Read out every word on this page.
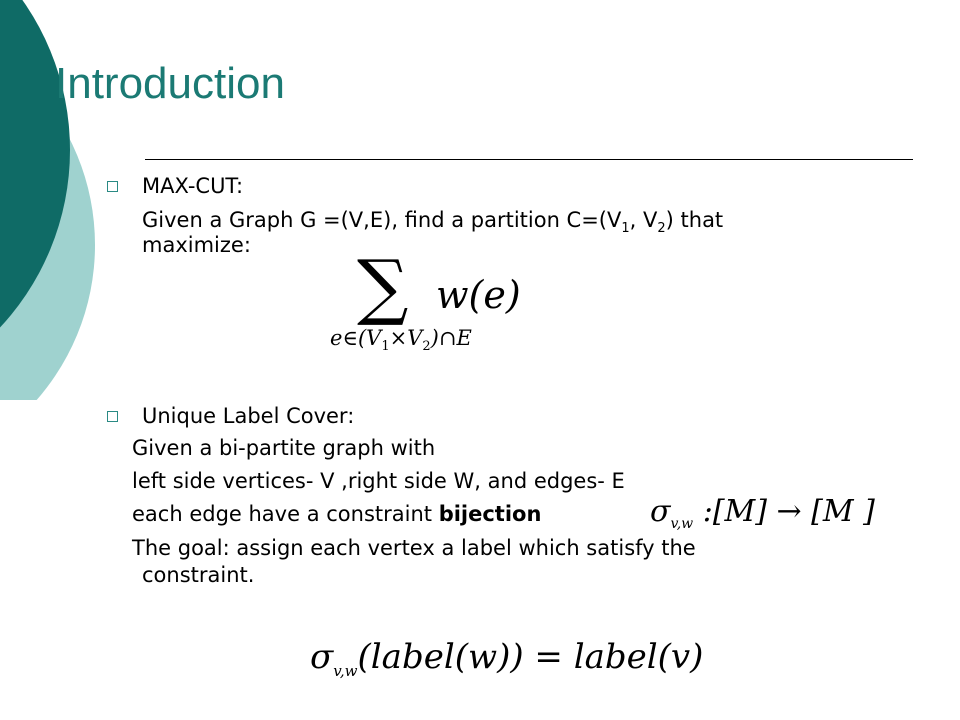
Introduction
MAX-CUT:
Given a Graph G =(V,E), find a partition $C=(V_1$, $V_2$) that
maximize: ∑ w(e)
$e\in(V_1\times V_2)\cap E$
Unique Label Cover:
Given a bi-partite graph with
left side vertices- V ,right side W, and edges- E
each edge have a constraint bijection	$\sigma_{v,w}$ :[M] → [M ]
The goal: assign each vertex a label which satisfy the
constraint.
$\sigma_{v,w}(label(w))$ = label(v)
